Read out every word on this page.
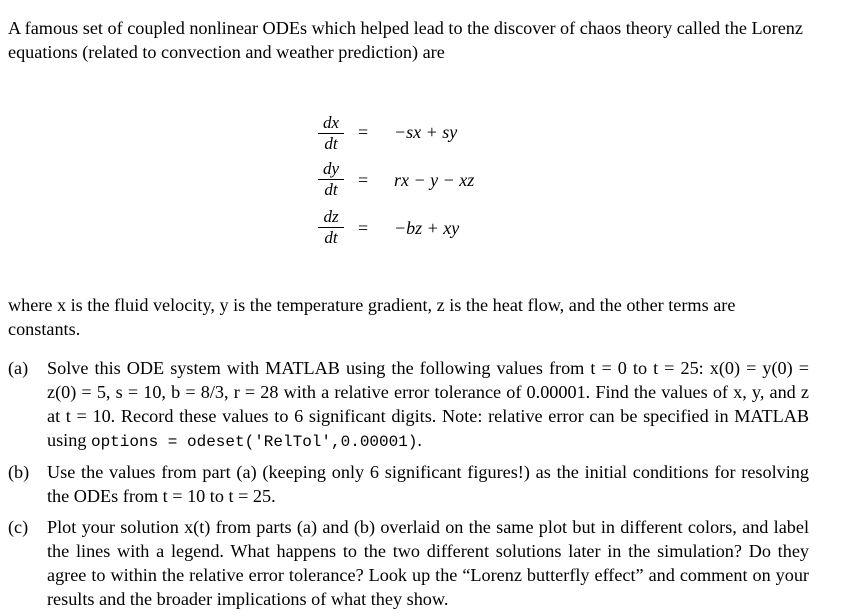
A famous set of coupled nonlinear ODEs which helped lead to the discover of chaos theory called the Lorenz equations (related to convection and weather prediction) are

dx
dt
= −sx + sy
dy
dt	= rx − y − xz
dz
dt	= −bz + xy

where x is the fluid velocity, y is the temperature gradient, z is the heat flow, and the other terms are constants.

(a) Solve this ODE system with MATLAB using the following values from t = 0 to t = 25: x(0) = y(0) = z(0) = 5, s = 10, b = 8/3, r = 28 with a relative error tolerance of 0.00001. Find the values of x, y, and z at t = 10. Record these values to 6 significant digits. Note: relative error can be specified in MATLAB using options = odeset('RelTol',0.00001).
(b) Use the values from part (a) (keeping only 6 significant figures!) as the initial conditions for resolving the ODEs from t = 10 to t = 25.
(c) Plot your solution x(t) from parts (a) and (b) overlaid on the same plot but in different colors, and label the lines with a legend. What happens to the two different solutions later in the simulation? Do they agree to within the relative error tolerance? Look up the “Lorenz butterfly effect” and comment on your results and the broader implications of what they show.
